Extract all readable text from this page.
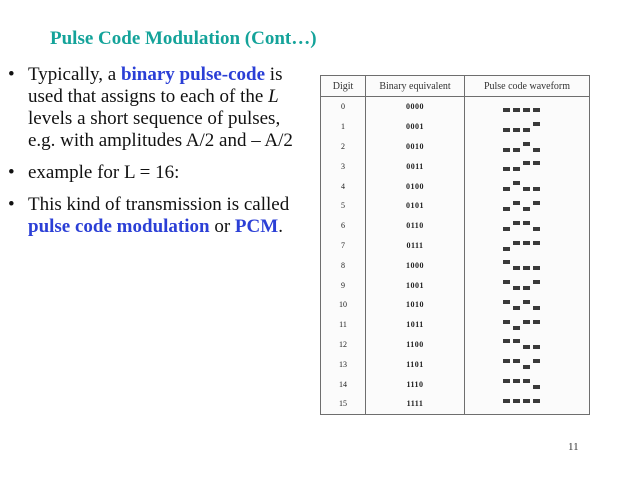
Pulse Code Modulation (Cont…)
• Typically, a binary pulse-code is used that assigns to each of the L levels a short sequence of pulses, e.g. with amplitudes A/2 and – A/2
• example for L = 16:
• This kind of transmission is called pulse code modulation or PCM.
Digit	Binary equivalent	Pulse code waveform
0	0000	

1	0001	

2	0010	

3	0011	

4	0100	

5	0101	

6	0110	

7	0111	

8	1000	

9	1001	

10	1010	

11	1011	

12	1100	

13	1101	

14	1110	

15	1111	
11
